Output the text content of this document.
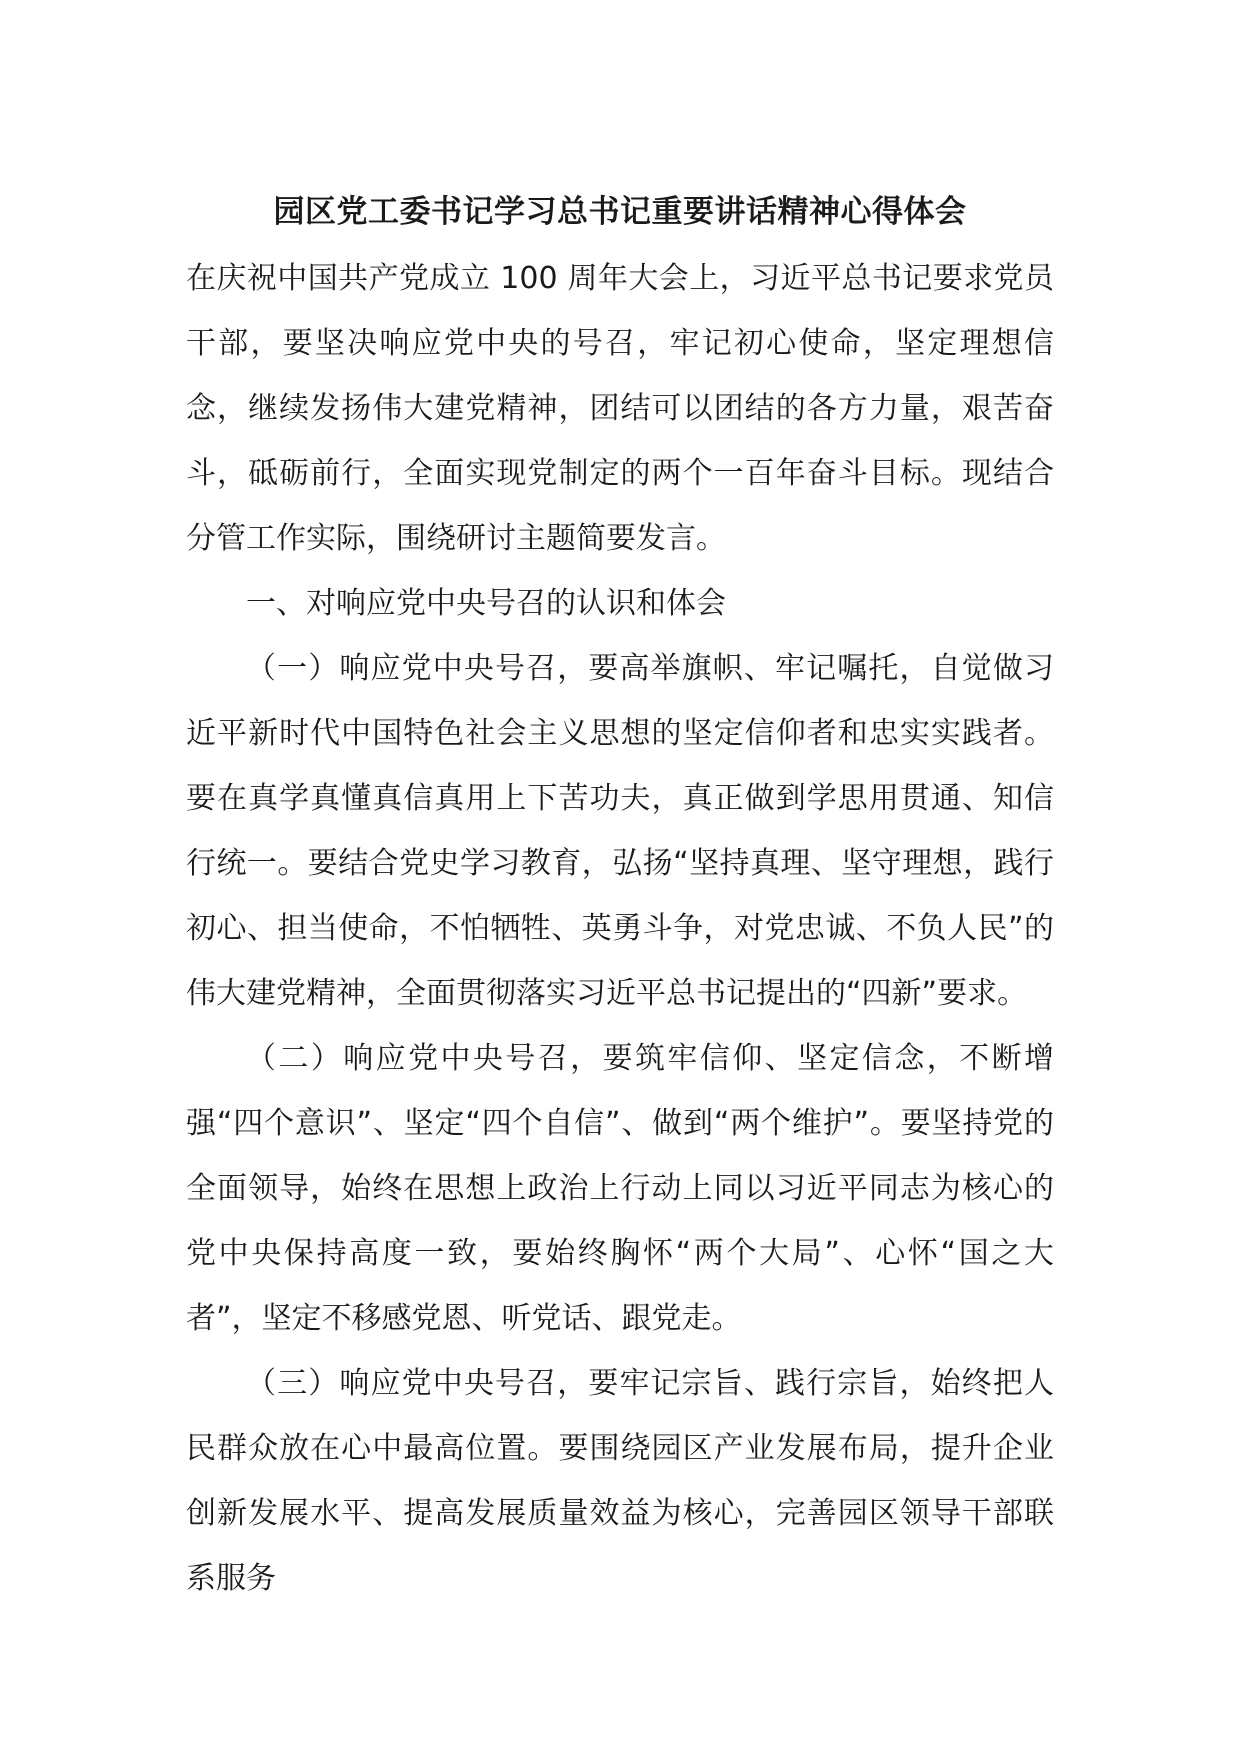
园区党工委书记学习总书记重要讲话精神心得体会

在庆祝中国共产党成立 100 周年大会上，习近平总书记要求党员干部，要坚决响应党中央的号召，牢记初心使命，坚定理想信念，继续发扬伟大建党精神，团结可以团结的各方力量，艰苦奋斗，砥砺前行，全面实现党制定的两个一百年奋斗目标。现结合分管工作实际，围绕研讨主题简要发言。

一、对响应党中央号召的认识和体会

（一）响应党中央号召，要高举旗帜、牢记嘱托，自觉做习近平新时代中国特色社会主义思想的坚定信仰者和忠实实践者。要在真学真懂真信真用上下苦功夫，真正做到学思用贯通、知信行统一。要结合党史学习教育，弘扬“坚持真理、坚守理想，践行初心、担当使命，不怕牺牲、英勇斗争，对党忠诚、不负人民”的伟大建党精神，全面贯彻落实习近平总书记提出的“四新”要求。

（二）响应党中央号召，要筑牢信仰、坚定信念，不断增强“四个意识”、坚定“四个自信”、做到“两个维护”。要坚持党的全面领导，始终在思想上政治上行动上同以习近平同志为核心的党中央保持高度一致，要始终胸怀“两个大局”、心怀“国之大者”，坚定不移感党恩、听党话、跟党走。

（三）响应党中央号召，要牢记宗旨、践行宗旨，始终把人民群众放在心中最高位置。要围绕园区产业发展布局，提升企业创新发展水平、提高发展质量效益为核心，完善园区领导干部联系服务
